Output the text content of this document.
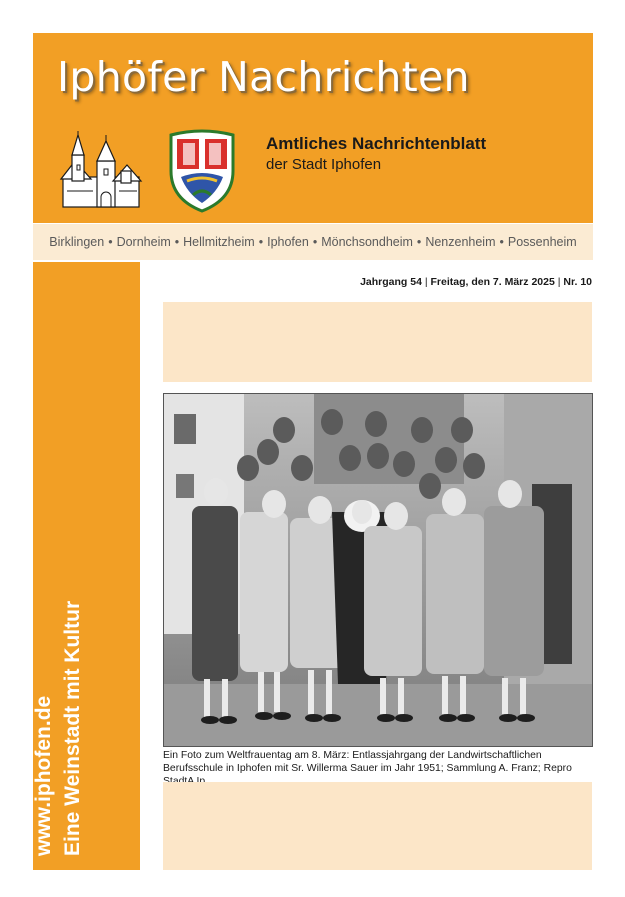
Iphöfer Nachrichten
Amtliches Nachrichtenblatt
der Stadt Iphofen
Birklingen • Dornheim • Hellmitzheim • Iphofen • Mönchsondheim • Nenzenheim • Possenheim
www.iphofen.de Eine Weinstadt mit Kultur
Jahrgang 54 | Freitag, den 7. März 2025 | Nr. 10
Ein Foto zum Weltfrauentag am 8. März: Entlassjahrgang der Landwirtschaftlichen Berufsschule in Iphofen mit Sr. Willerma Sauer im Jahr 1951; Sammlung A. Franz; Repro
